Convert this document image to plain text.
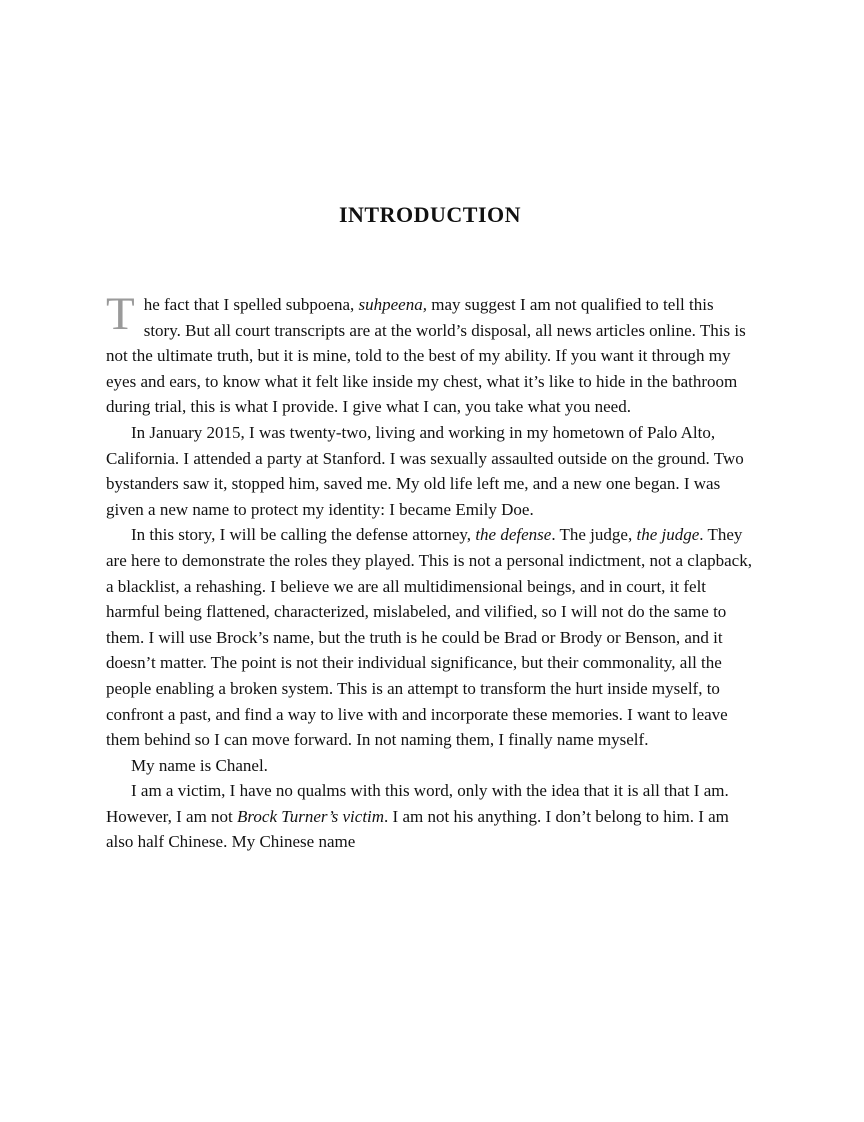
INTRODUCTION

The fact that I spelled subpoena, suhpeena, may suggest I am not qualified to tell this story. But all court transcripts are at the world’s disposal, all news articles online. This is not the ultimate truth, but it is mine, told to the best of my ability. If you want it through my eyes and ears, to know what it felt like inside my chest, what it’s like to hide in the bathroom during trial, this is what I provide. I give what I can, you take what you need.

In January 2015, I was twenty-two, living and working in my hometown of Palo Alto, California. I attended a party at Stanford. I was sexually assaulted outside on the ground. Two bystanders saw it, stopped him, saved me. My old life left me, and a new one began. I was given a new name to protect my identity: I became Emily Doe.

In this story, I will be calling the defense attorney, the defense. The judge, the judge. They are here to demonstrate the roles they played. This is not a personal indictment, not a clapback, a blacklist, a rehashing. I believe we are all multidimensional beings, and in court, it felt harmful being flattened, characterized, mislabeled, and vilified, so I will not do the same to them. I will use Brock’s name, but the truth is he could be Brad or Brody or Benson, and it doesn’t matter. The point is not their individual significance, but their commonality, all the people enabling a broken system. This is an attempt to transform the hurt inside myself, to confront a past, and find a way to live with and incorporate these memories. I want to leave them behind so I can move forward. In not naming them, I finally name myself.

My name is Chanel.

I am a victim, I have no qualms with this word, only with the idea that it is all that I am. However, I am not Brock Turner’s victim. I am not his anything. I don’t belong to him. I am also half Chinese. My Chinese name
